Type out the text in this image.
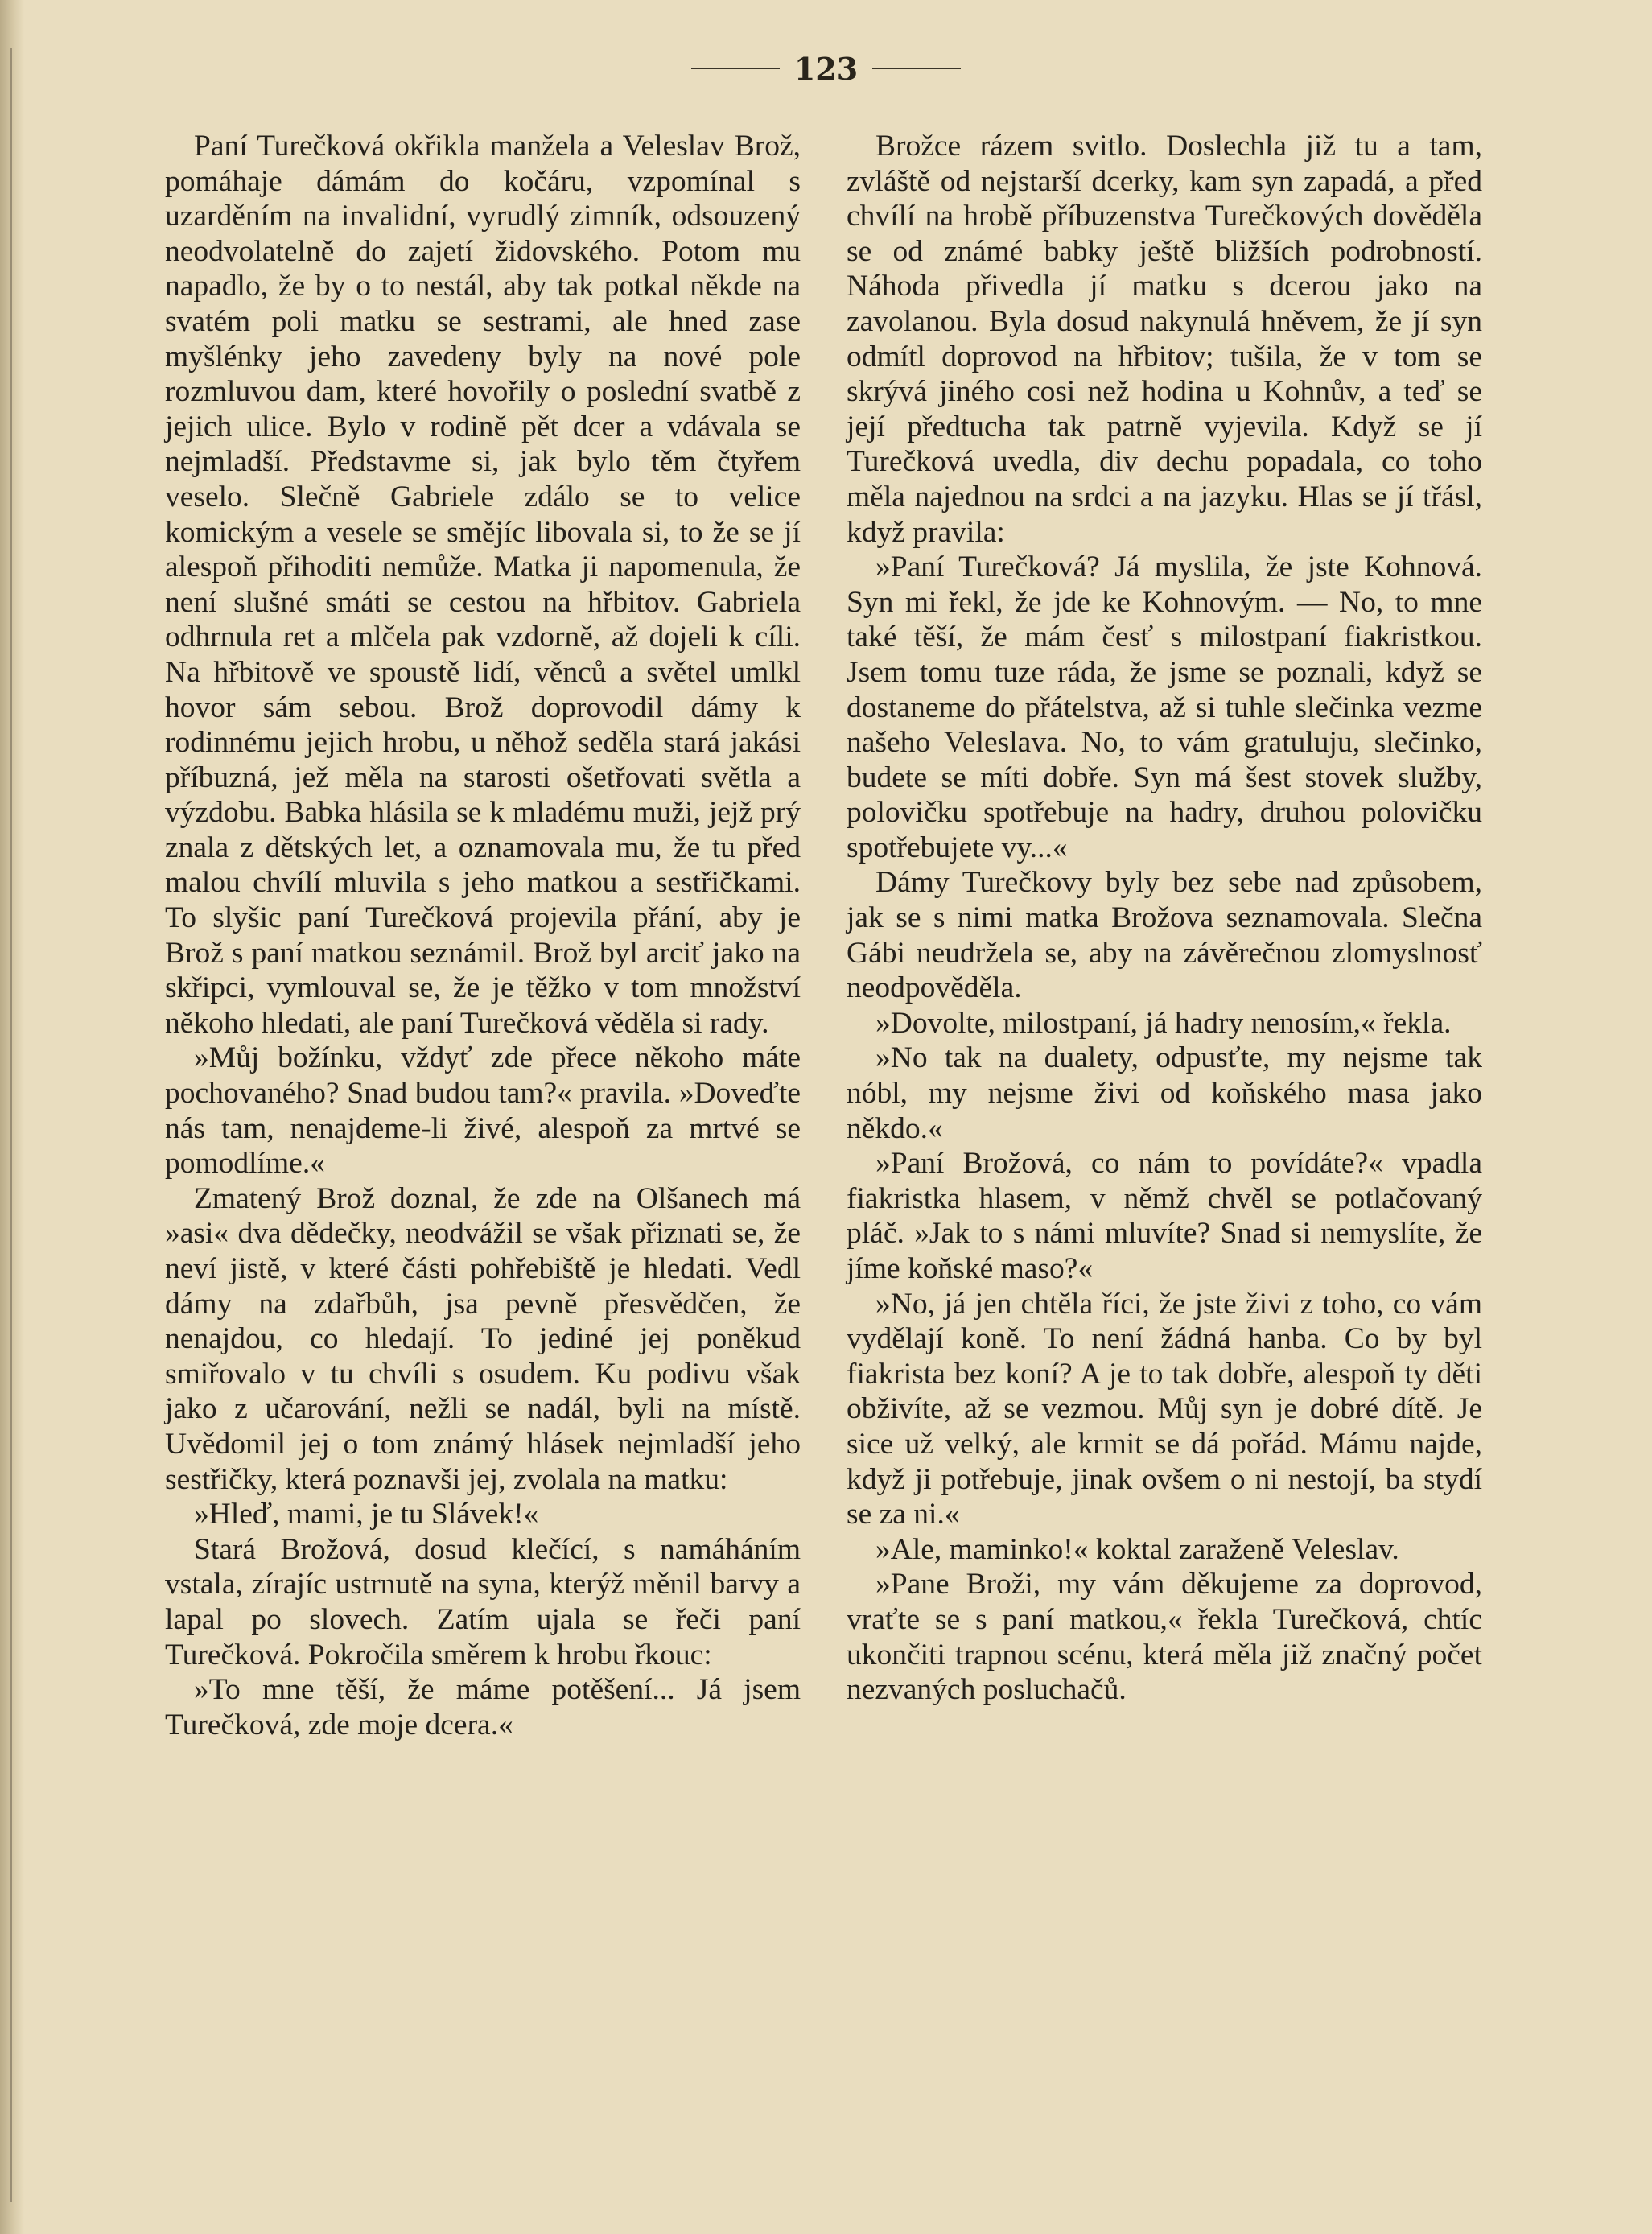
123

Paní Turečková okřikla manžela a Veleslav Brož, pomáhaje dámám do kočáru, vzpomínal s uzarděním na invalidní, vyrudlý zimník, odsouzený neodvolatelně do zajetí židovského. Potom mu napadlo, že by o to nestál, aby tak potkal někde na svatém poli matku se sestrami, ale hned zase myšlénky jeho zavedeny byly na nové pole rozmluvou dam, které hovořily o poslední svatbě z jejich ulice. Bylo v rodině pět dcer a vdávala se nejmladší. Představme si, jak bylo těm čtyřem veselo. Slečně Gabriele zdálo se to velice komickým a vesele se smějíc libovala si, to že se jí alespoň přihoditi nemůže. Matka ji napomenula, že není slušné smáti se cestou na hřbitov. Gabriela odhrnula ret a mlčela pak vzdorně, až dojeli k cíli. Na hřbitově ve spoustě lidí, věnců a světel umlkl hovor sám sebou. Brož doprovodil dámy k rodinnému jejich hrobu, u něhož seděla stará jakási příbuzná, jež měla na starosti ošetřovati světla a výzdobu. Babka hlásila se k mladému muži, jejž prý znala z dětských let, a oznamovala mu, že tu před malou chvílí mluvila s jeho matkou a sestřičkami. To slyšic paní Turečková projevila přání, aby je Brož s paní matkou seznámil. Brož byl arciť jako na skřipci, vymlouval se, že je těžko v tom množství někoho hledati, ale paní Turečková věděla si rady.

»Můj božínku, vždyť zde přece někoho máte pochovaného? Snad budou tam?« pravila. »Doveďte nás tam, nenajdeme-li živé, alespoň za mrtvé se pomodlíme.«

Zmatený Brož doznal, že zde na Olšanech má »asi« dva dědečky, neodvážil se však přiznati se, že neví jistě, v které části pohřebiště je hledati. Vedl dámy na zdařbůh, jsa pevně přesvědčen, že nenajdou, co hledají. To jediné jej poněkud smiřovalo v tu chvíli s osudem. Ku podivu však jako z učarování, nežli se nadál, byli na místě. Uvědomil jej o tom známý hlásek nejmladší jeho sestřičky, která poznavši jej, zvolala na matku:

»Hleď, mami, je tu Slávek!«

Stará Brožová, dosud klečící, s namáháním vstala, zírajíc ustrnutě na syna, kterýž měnil barvy a lapal po slovech. Zatím ujala se řeči paní Turečková. Pokročila směrem k hrobu řkouc:

»To mne těší, že máme potěšení... Já jsem Turečková, zde moje dcera.«

Brožce rázem svitlo. Doslechla již tu a tam, zvláště od nejstarší dcerky, kam syn zapadá, a před chvílí na hrobě příbuzenstva Turečkových dověděla se od známé babky ještě bližších podrobností. Náhoda přivedla jí matku s dcerou jako na zavolanou. Byla dosud nakynulá hněvem, že jí syn odmítl doprovod na hřbitov; tušila, že v tom se skrývá jiného cosi než hodina u Kohnův, a teď se její předtucha tak patrně vyjevila. Když se jí Turečková uvedla, div dechu popadala, co toho měla najednou na srdci a na jazyku. Hlas se jí třásl, když pravila:

»Paní Turečková? Já myslila, že jste Kohnová. Syn mi řekl, že jde ke Kohnovým. — No, to mne také těší, že mám česť s milostpaní fiakristkou. Jsem tomu tuze ráda, že jsme se poznali, když se dostaneme do přátelstva, až si tuhle slečinka vezme našeho Veleslava. No, to vám gratuluju, slečinko, budete se míti dobře. Syn má šest stovek služby, polovičku spotřebuje na hadry, druhou polovičku spotřebujete vy...«

Dámy Turečkovy byly bez sebe nad způsobem, jak se s nimi matka Brožova seznamovala. Slečna Gábi neudržela se, aby na závěrečnou zlomyslnosť neodpověděla.

»Dovolte, milostpaní, já hadry nenosím,« řekla.

»No tak na dualety, odpusťte, my nejsme tak nóbl, my nejsme živi od koňského masa jako někdo.«

»Paní Brožová, co nám to povídáte?« vpadla fiakristka hlasem, v němž chvěl se potlačovaný pláč. »Jak to s námi mluvíte? Snad si nemyslíte, že jíme koňské maso?«

»No, já jen chtěla říci, že jste živi z toho, co vám vydělají koně. To není žádná hanba. Co by byl fiakrista bez koní? A je to tak dobře, alespoň ty děti obživíte, až se vezmou. Můj syn je dobré dítě. Je sice už velký, ale krmit se dá pořád. Mámu najde, když ji potřebuje, jinak ovšem o ni nestojí, ba stydí se za ni.«

»Ale, maminko!« koktal zaraženě Veleslav.

»Pane Broži, my vám děkujeme za doprovod, vraťte se s paní matkou,« řekla Turečková, chtíc ukončiti trapnou scénu, která měla již značný počet nezvaných posluchačů.
